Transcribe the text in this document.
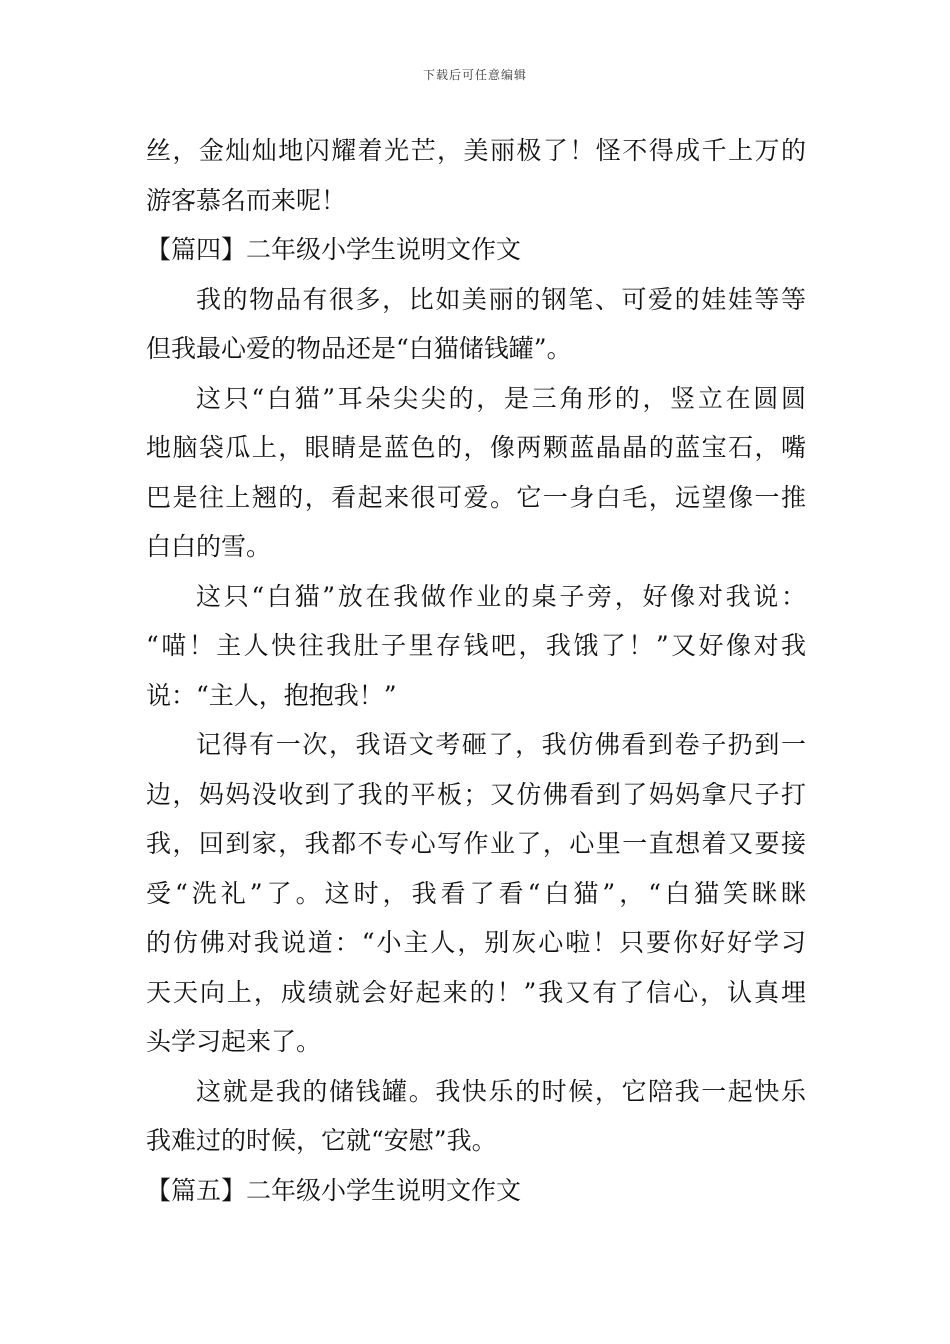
下载后可任意编辑
丝，金灿灿地闪耀着光芒，美丽极了！怪不得成千上万的
游客慕名而来呢！
【篇四】二年级小学生说明文作文
我的物品有很多，比如美丽的钢笔、可爱的娃娃等等
但我最心爱的物品还是“白猫储钱罐”。
这只“白猫”耳朵尖尖的，是三角形的，竖立在圆圆
地脑袋瓜上，眼睛是蓝色的，像两颗蓝晶晶的蓝宝石，嘴
巴是往上翘的，看起来很可爱。它一身白毛，远望像一推
白白的雪。
这只“白猫”放在我做作业的桌子旁，好像对我说：
“喵！主人快往我肚子里存钱吧，我饿了！”又好像对我
说：“主人，抱抱我！”
记得有一次，我语文考砸了，我仿佛看到卷子扔到一
边，妈妈没收到了我的平板；又仿佛看到了妈妈拿尺子打
我，回到家，我都不专心写作业了，心里一直想着又要接
受“洗礼”了。这时，我看了看“白猫”，“白猫笑眯眯
的仿佛对我说道：“小主人，别灰心啦！只要你好好学习
天天向上，成绩就会好起来的！”我又有了信心，认真埋
头学习起来了。
这就是我的储钱罐。我快乐的时候，它陪我一起快乐
我难过的时候，它就“安慰”我。
【篇五】二年级小学生说明文作文
